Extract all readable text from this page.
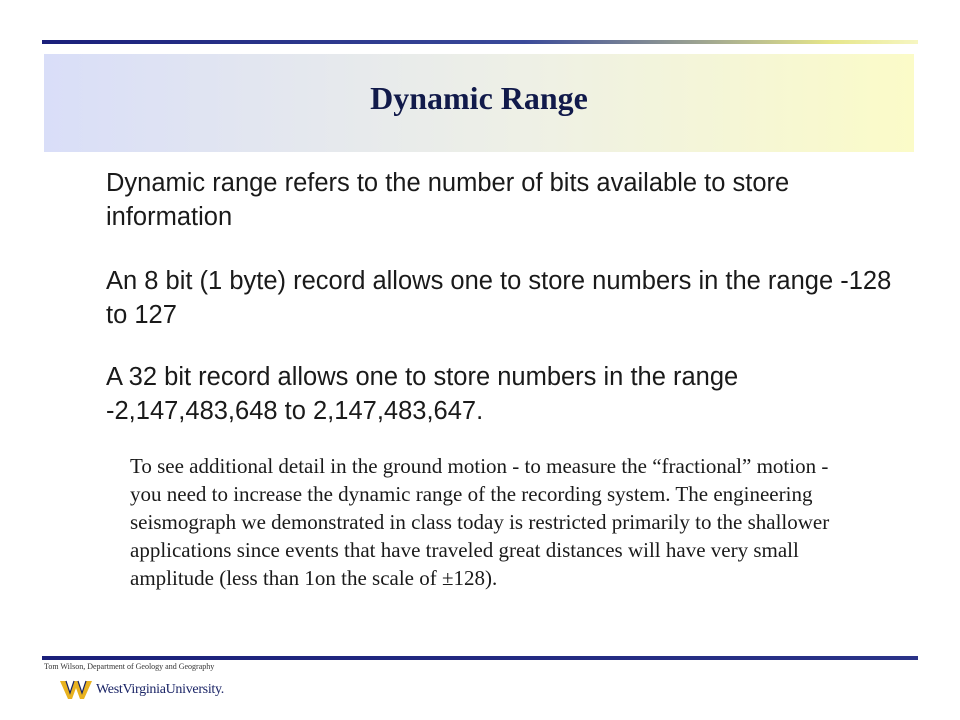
Dynamic Range

Dynamic range refers to the number of bits available to store information

An 8 bit (1 byte) record allows one to store numbers in the range -128 to 127

A 32 bit record allows one to store numbers in the range -2,147,483,648 to 2,147,483,647.

To see additional detail in the ground motion - to measure the “fractional” motion - you need to increase the dynamic range of the recording system. The engineering seismograph we demonstrated in class today is restricted primarily to the shallower applications since events that have traveled great distances will have very small amplitude (less than 1on the scale of ±128).

Tom Wilson, Department of Geology and Geography

WestVirginiaUniversity.
